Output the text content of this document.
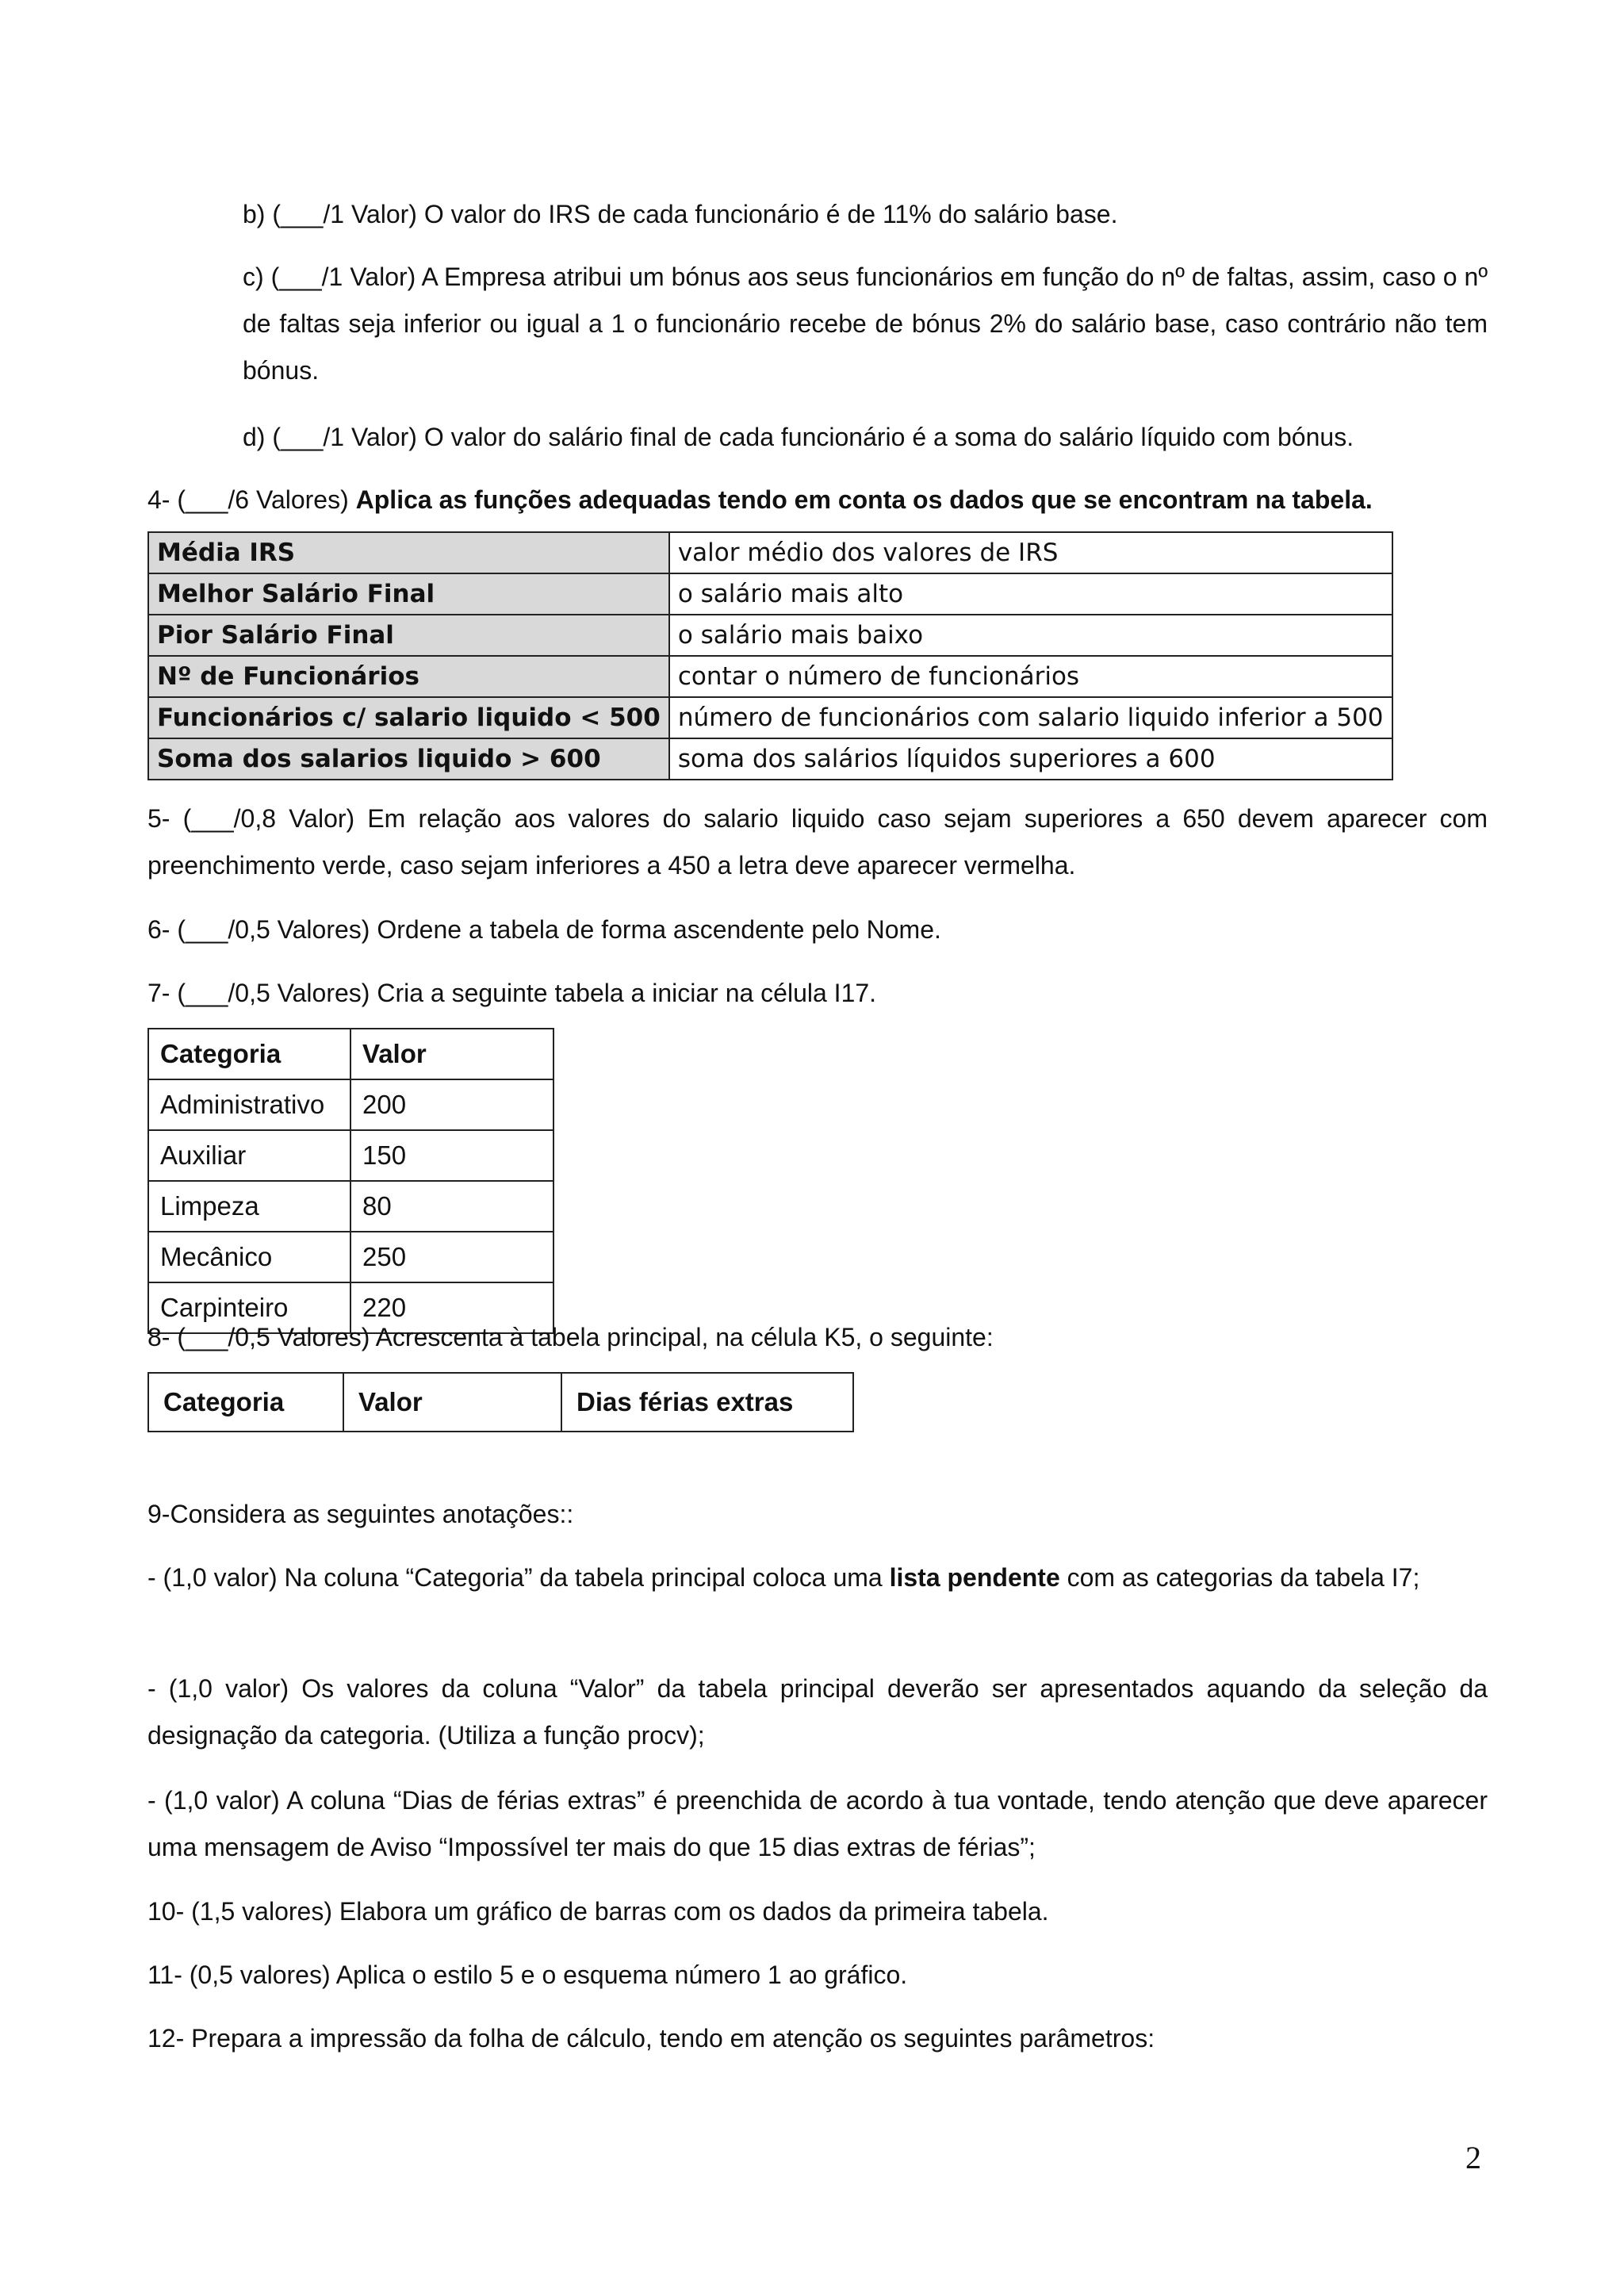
b) (___/1 Valor) O valor do IRS de cada funcionário é de 11% do salário base.

c) (___/1 Valor) A Empresa atribui um bónus aos seus funcionários em função do nº de faltas, assim, caso o nº de faltas seja inferior ou igual a 1 o funcionário recebe de bónus 2% do salário base, caso contrário não tem bónus.

d) (___/1 Valor) O valor do salário final de cada funcionário é a soma do salário líquido com bónus.

4- (___/6 Valores) Aplica as funções adequadas tendo em conta os dados que se encontram na tabela.

Média IRS	valor médio dos valores de IRS
Melhor Salário Final	o salário mais alto
Pior Salário Final	o salário mais baixo
Nº de Funcionários	contar o número de funcionários
Funcionários c/ salario liquido < 500	número de funcionários com salario liquido inferior a 500
Soma dos salarios liquido > 600	soma dos salários líquidos superiores a 600

5- (___/0,8 Valor) Em relação aos valores do salario liquido caso sejam superiores a 650 devem aparecer com preenchimento verde, caso sejam inferiores a 450 a letra deve aparecer vermelha.

6- (___/0,5 Valores) Ordene a tabela de forma ascendente pelo Nome.

7- (___/0,5 Valores) Cria a seguinte tabela a iniciar na célula I17.

Categoria	Valor
Administrativo	200
Auxiliar	150
Limpeza	80
Mecânico	250
Carpinteiro	220

8- (___/0,5 Valores) Acrescenta à tabela principal, na célula K5, o seguinte:

Categoria	Valor	Dias férias extras

9-Considera as seguintes anotações::

- (1,0 valor) Na coluna “Categoria” da tabela principal coloca uma lista pendente com as categorias da tabela I7;

- (1,0 valor) Os valores da coluna “Valor” da tabela principal deverão ser apresentados aquando da seleção da designação da categoria. (Utiliza a função procv);

- (1,0 valor) A coluna “Dias de férias extras” é preenchida de acordo à tua vontade, tendo atenção que deve aparecer uma mensagem de Aviso “Impossível ter mais do que 15 dias extras de férias”;

10- (1,5 valores) Elabora um gráfico de barras com os dados da primeira tabela.

11- (0,5 valores) Aplica o estilo 5 e o esquema número 1 ao gráfico.

12- Prepara a impressão da folha de cálculo, tendo em atenção os seguintes parâmetros:

2
